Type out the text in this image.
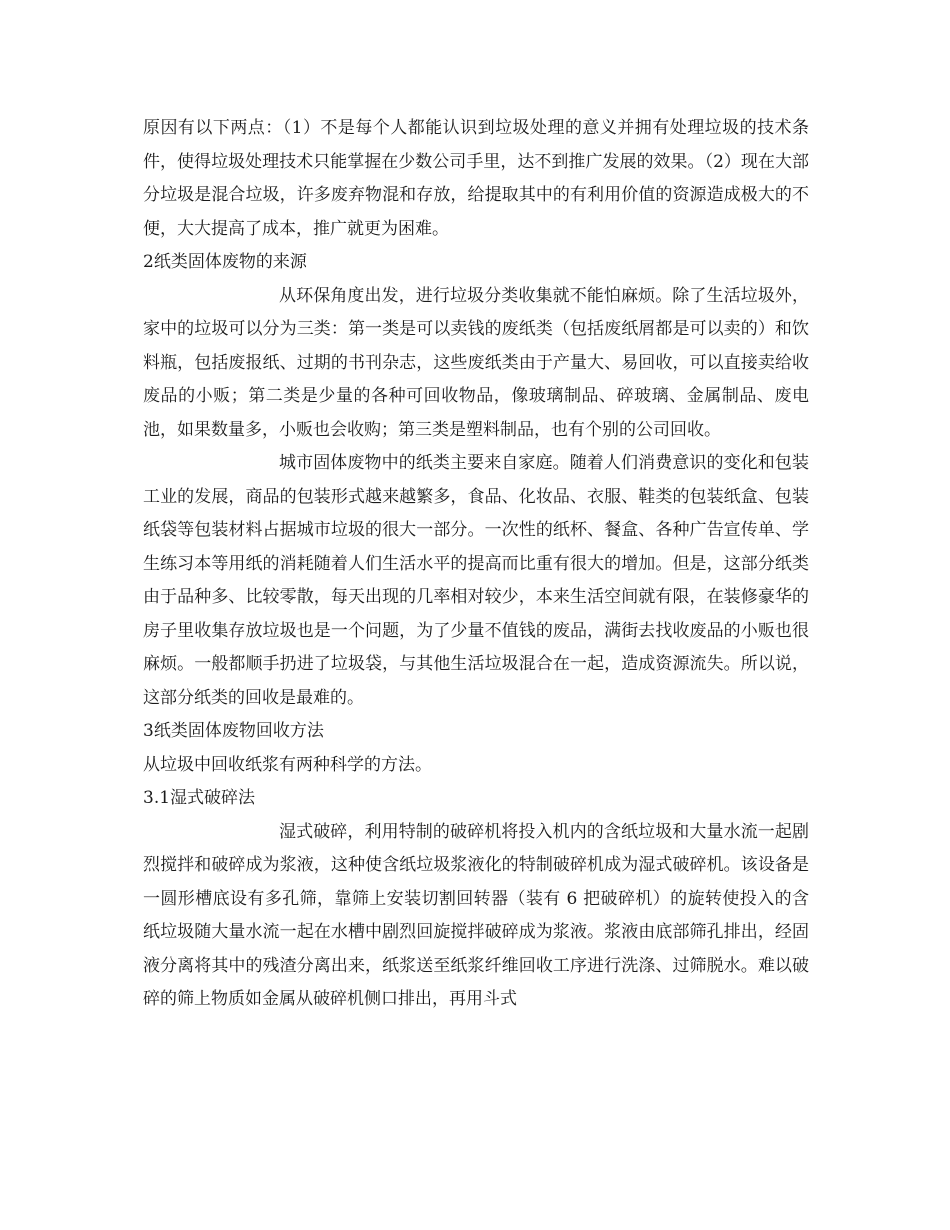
原因有以下两点：（1）不是每个人都能认识到垃圾处理的意义并拥有处理垃圾的技术条件，使得垃圾处理技术只能掌握在少数公司手里，达不到推广发展的效果。（2）现在大部分垃圾是混合垃圾，许多废弃物混和存放，给提取其中的有利用价值的资源造成极大的不便，大大提高了成本，推广就更为困难。

2纸类固体废物的来源

从环保角度出发，进行垃圾分类收集就不能怕麻烦。除了生活垃圾外，家中的垃圾可以分为三类：第一类是可以卖钱的废纸类（包括废纸屑都是可以卖的）和饮料瓶，包括废报纸、过期的书刊杂志，这些废纸类由于产量大、易回收，可以直接卖给收废品的小贩；第二类是少量的各种可回收物品，像玻璃制品、碎玻璃、金属制品、废电池，如果数量多，小贩也会收购；第三类是塑料制品，也有个别的公司回收。

城市固体废物中的纸类主要来自家庭。随着人们消费意识的变化和包装工业的发展，商品的包装形式越来越繁多，食品、化妆品、衣服、鞋类的包装纸盒、包装纸袋等包装材料占据城市垃圾的很大一部分。一次性的纸杯、餐盒、各种广告宣传单、学生练习本等用纸的消耗随着人们生活水平的提高而比重有很大的增加。但是，这部分纸类由于品种多、比较零散，每天出现的几率相对较少，本来生活空间就有限，在装修豪华的房子里收集存放垃圾也是一个问题，为了少量不值钱的废品，满街去找收废品的小贩也很麻烦。一般都顺手扔进了垃圾袋，与其他生活垃圾混合在一起，造成资源流失。所以说，这部分纸类的回收是最难的。

3纸类固体废物回收方法

从垃圾中回收纸浆有两种科学的方法。

3.1湿式破碎法

湿式破碎，利用特制的破碎机将投入机内的含纸垃圾和大量水流一起剧烈搅拌和破碎成为浆液，这种使含纸垃圾浆液化的特制破碎机成为湿式破碎机。该设备是一圆形槽底设有多孔筛，靠筛上安装切割回转器（装有 6 把破碎机）的旋转使投入的含纸垃圾随大量水流一起在水槽中剧烈回旋搅拌破碎成为浆液。浆液由底部筛孔排出，经固液分离将其中的残渣分离出来，纸浆送至纸浆纤维回收工序进行洗涤、过筛脱水。难以破碎的筛上物质如金属从破碎机侧口排出，再用斗式
